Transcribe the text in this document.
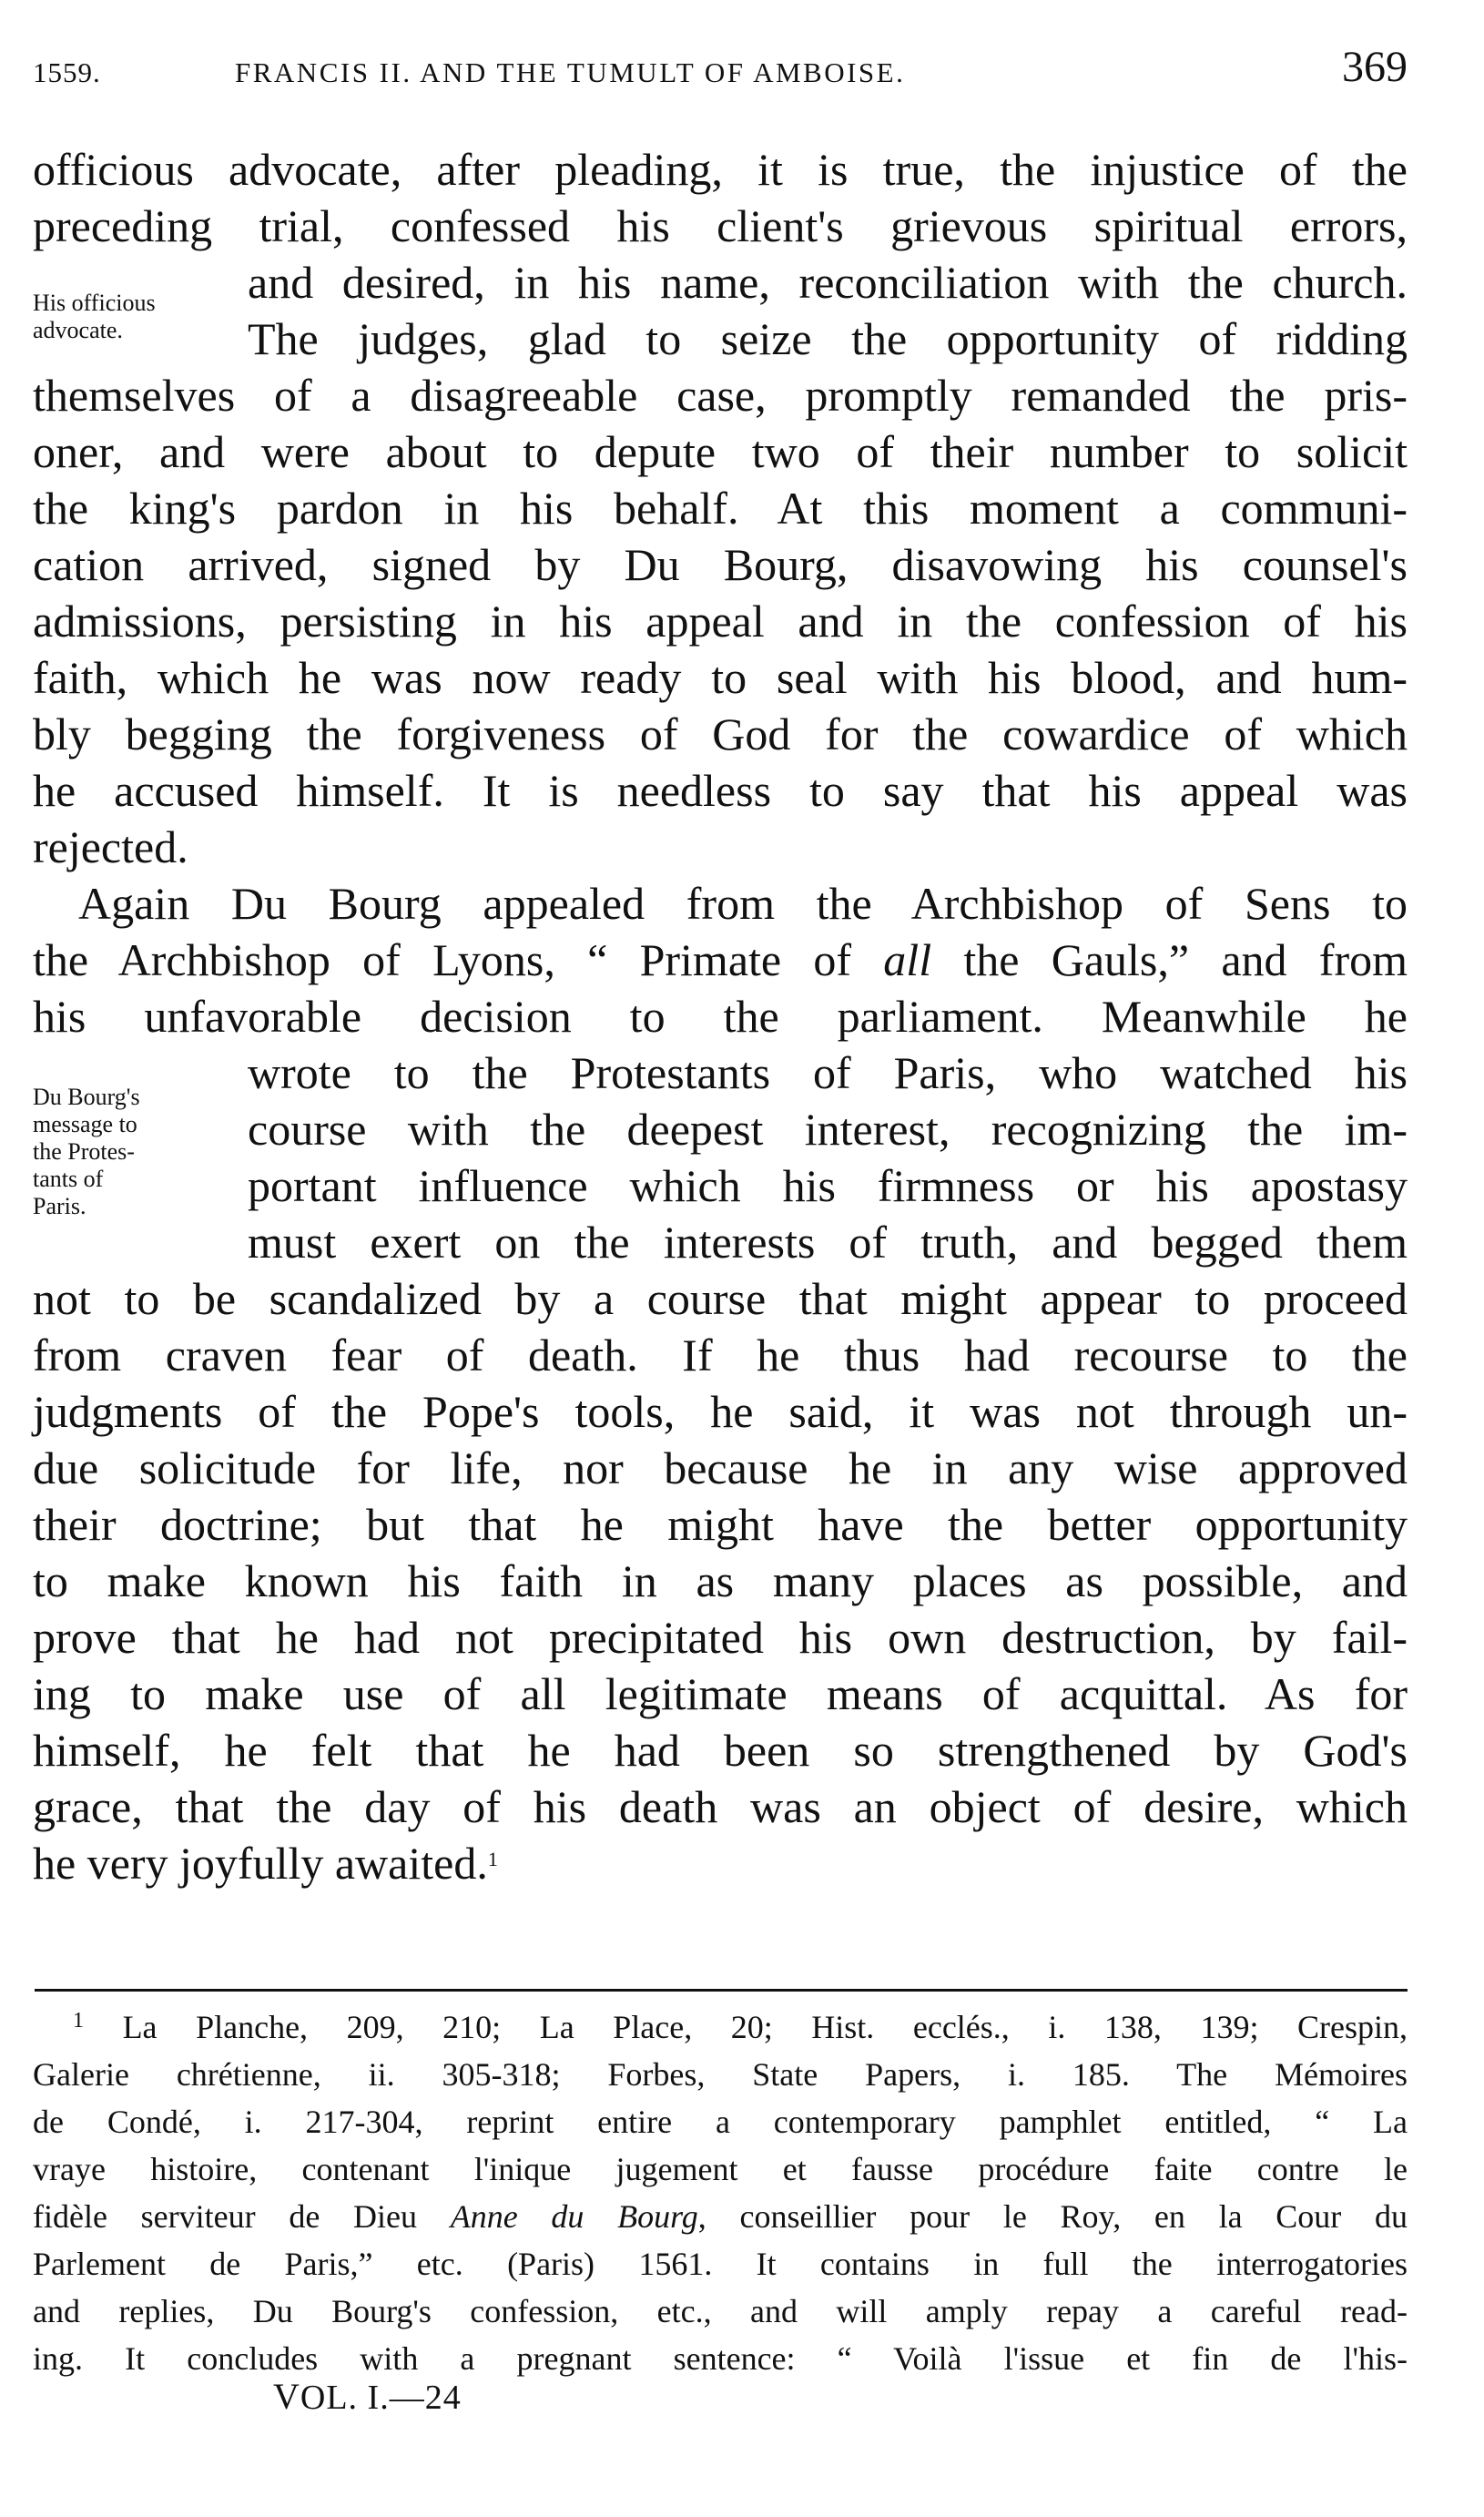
1559.	FRANCIS II. AND THE TUMULT OF AMBOISE.	369
officious advocate, after pleading, it is true, the injustice of the
preceding trial, confessed his client's grievous spiritual errors,
and desired, in his name, reconciliation with the church.
The judges, glad to seize the opportunity of ridding
themselves of a disagreeable case, promptly remanded the pris-
oner, and were about to depute two of their number to solicit
the king's pardon in his behalf. At this moment a communi-
cation arrived, signed by Du Bourg, disavowing his counsel's
admissions, persisting in his appeal and in the confession of his
faith, which he was now ready to seal with his blood, and hum-
bly begging the forgiveness of God for the cowardice of which
he accused himself. It is needless to say that his appeal was
rejected.
His officious
advocate.
Again Du Bourg appealed from the Archbishop of Sens to
the Archbishop of Lyons, “ Primate of all the Gauls,” and from
his unfavorable decision to the parliament. Meanwhile he
wrote to the Protestants of Paris, who watched his
course with the deepest interest, recognizing the im-
portant influence which his firmness or his apostasy
must exert on the interests of truth, and begged them
not to be scandalized by a course that might appear to proceed
from craven fear of death. If he thus had recourse to the
judgments of the Pope's tools, he said, it was not through un-
due solicitude for life, nor because he in any wise approved
their doctrine; but that he might have the better opportunity
to make known his faith in as many places as possible, and
prove that he had not precipitated his own destruction, by fail-
ing to make use of all legitimate means of acquittal. As for
himself, he felt that he had been so strengthened by God's
grace, that the day of his death was an object of desire, which
he very joyfully awaited.$^1$
Du Bourg's
message to
the Protes-
tants of
Paris.
$^1$ La Planche, 209, 210; La Place, 20; Hist. ecclés., i. 138, 139; Crespin,
Galerie chrétienne, ii. 305-318; Forbes, State Papers, i. 185. The Mémoires
de Condé, i. 217-304, reprint entire a contemporary pamphlet entitled, “ La
vraye histoire, contenant l'inique jugement et fausse procédure faite contre le
fidèle serviteur de Dieu Anne du Bourg, conseillier pour le Roy, en la Cour du
Parlement de Paris,” etc. (Paris) 1561. It contains in full the interrogatories
and replies, Du Bourg's confession, etc., and will amply repay a careful read-
ing. It concludes with a pregnant sentence: “ Voilà l'issue et fin de l'his-
VOL. I.—24
